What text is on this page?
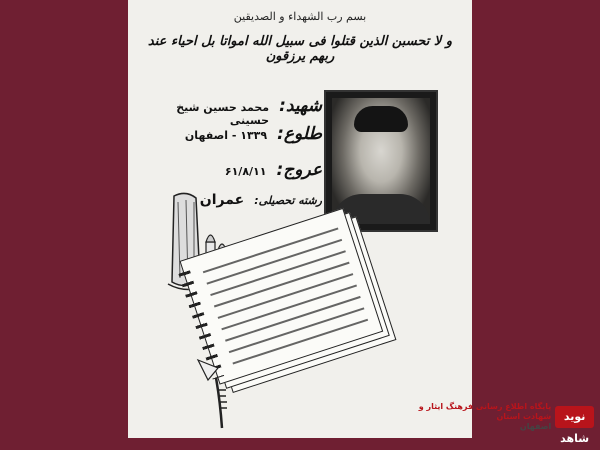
بسم رب الشهداء و الصدیقین
و لا تحسبن الذین قتلوا فی سبیل الله امواتا بل احیاء عند ربهم یرزقون
شهید:
محمد حسین شیخ حسینی
طلوع:
۱۳۳۹ - اصفهان
عروج:
۶۱/۸/۱۱
رشته تحصیلی:
عمران
نوید شاهد
پایگاه اطلاع رسانی فرهنگ ایثار و شهادت استان
اصفهان
